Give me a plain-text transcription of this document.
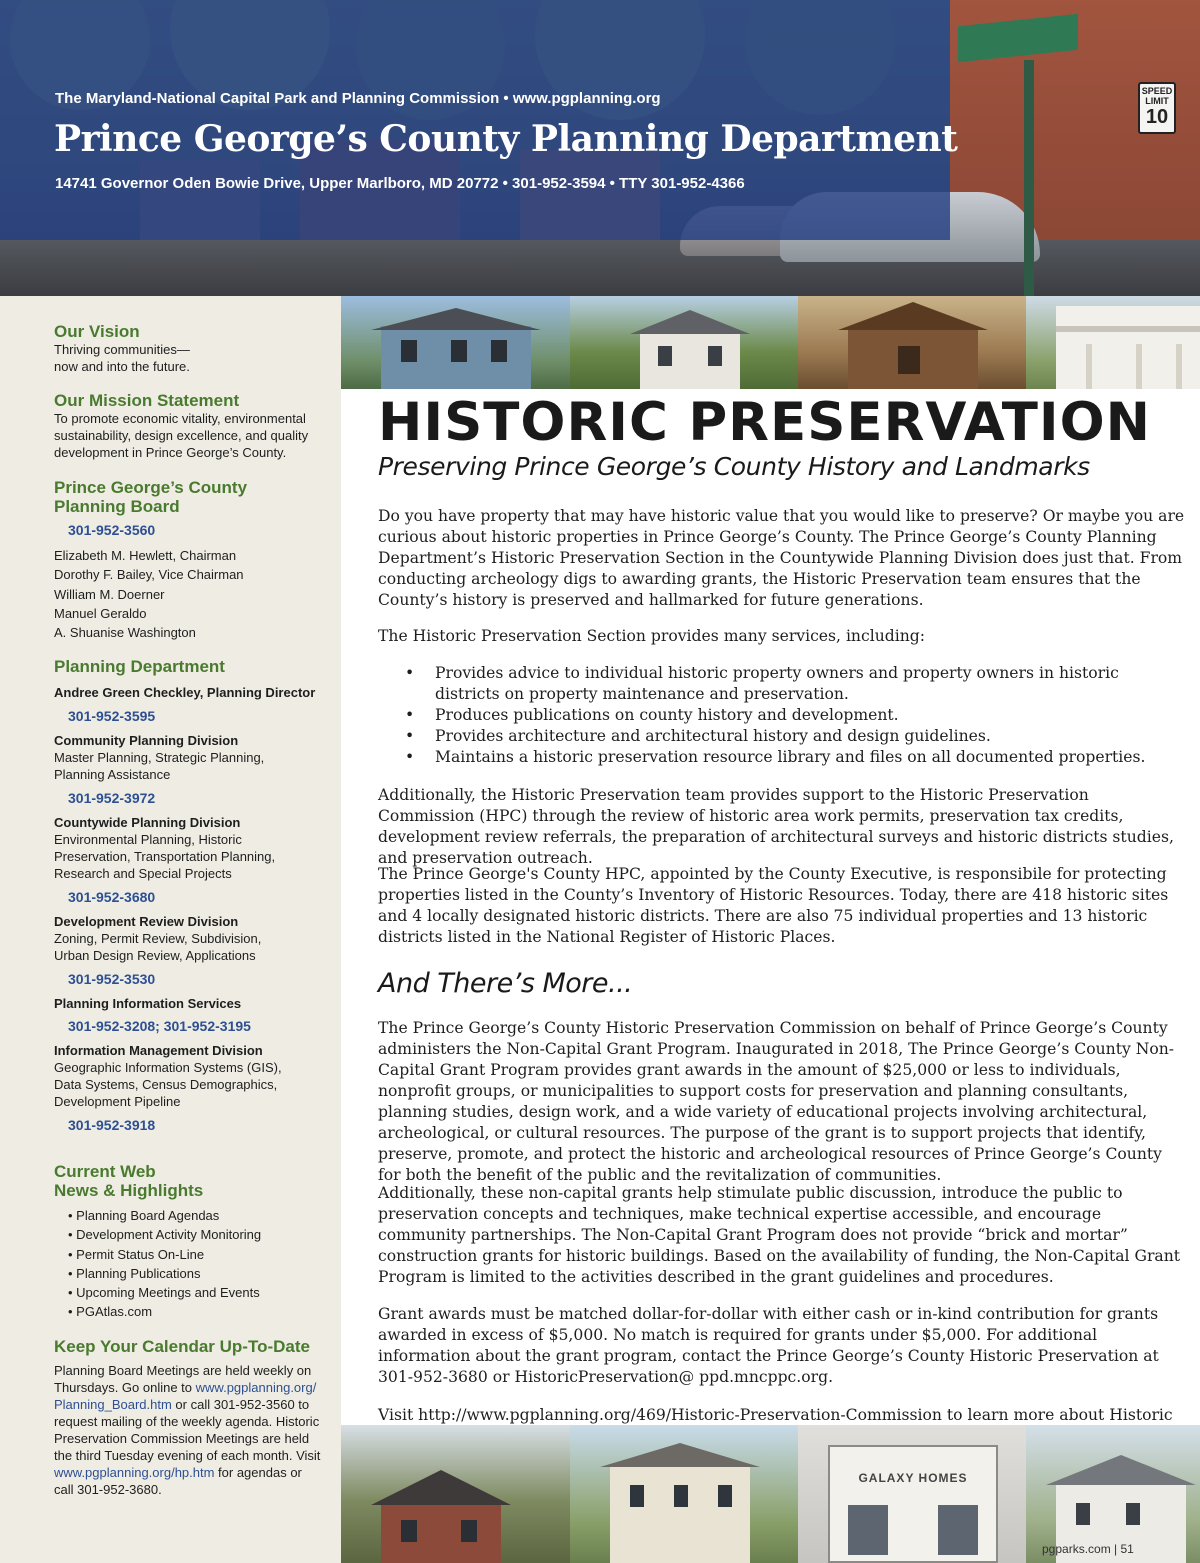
SPEED LIMIT
10
The Maryland-National Capital Park and Planning Commission • www.pgplanning.org
Prince George’s County Planning Department
14741 Governor Oden Bowie Drive, Upper Marlboro, MD 20772 • 301-952-3594 • TTY 301-952-4366
Our Vision
Thriving communities—
now and into the future.
Our Mission Statement
To promote economic vitality, environmental
sustainability, design excellence, and quality
development in Prince George’s County.
Prince George’s County
Planning Board
301-952-3560
Elizabeth M. Hewlett, Chairman
Dorothy F. Bailey, Vice Chairman
William M. Doerner
Manuel Geraldo
A. Shuanise Washington
Planning Department
Andree Green Checkley, Planning Director
301-952-3595
Community Planning Division
Master Planning, Strategic Planning,
Planning Assistance
301-952-3972
Countywide Planning Division
Environmental Planning, Historic
Preservation, Transportation Planning,
Research and Special Projects
301-952-3680
Development Review Division
Zoning, Permit Review, Subdivision,
Urban Design Review, Applications
301-952-3530
Planning Information Services
301-952-3208; 301-952-3195
Information Management Division
Geographic Information Systems (GIS),
Data Systems, Census Demographics,
Development Pipeline
301-952-3918
Current Web
News & Highlights
• Planning Board Agendas
• Development Activity Monitoring
• Permit Status On-Line
• Planning Publications
• Upcoming Meetings and Events
• PGAtlas.com
Keep Your Calendar Up-To-Date
Planning Board Meetings are held weekly on
Thursdays. Go online to www.pgplanning.org/
Planning_Board.htm or call 301-952-3560 to
request mailing of the weekly agenda. Historic
Preservation Commission Meetings are held
the third Tuesday evening of each month. Visit
www.pgplanning.org/hp.htm for agendas or
call 301-952-3680.
HISTORIC PRESERVATION
Preserving Prince George’s County History and Landmarks

Do you have property that may have historic value that you would like to preserve? Or maybe you are curious about historic properties in Prince George’s County. The Prince George’s County Planning Department’s Historic Preservation Section in the Countywide Planning Division does just that. From conducting archeology digs to awarding grants, the Historic Preservation team ensures that the County’s history is preserved and hallmarked for future generations.

The Historic Preservation Section provides many services, including:

• Provides advice to individual historic property owners and property owners in historic districts on property maintenance and preservation.
• Produces publications on county history and development.
• Provides architecture and architectural history and design guidelines.
• Maintains a historic preservation resource library and files on all documented properties.

Additionally, the Historic Preservation team provides support to the Historic Preservation Commission (HPC) through the review of historic area work permits, preservation tax credits, development review referrals, the preparation of architectural surveys and historic districts studies, and preservation outreach.

The Prince George's County HPC, appointed by the County Executive, is responsibile for protecting properties listed in the County’s Inventory of Historic Resources. Today, there are 418 historic sites and 4 locally designated historic districts. There are also 75 individual properties and 13 historic districts listed in the National Register of Historic Places.

And There’s More...

The Prince George’s County Historic Preservation Commission on behalf of Prince George’s County administers the Non-Capital Grant Program. Inaugurated in 2018, The Prince George’s County Non-Capital Grant Program provides grant awards in the amount of $25,000 or less to individuals, nonprofit groups, or municipalities to support costs for preservation and planning consultants, planning studies, design work, and a wide variety of educational projects involving architectural, archeological, or cultural resources. The purpose of the grant is to support projects that identify, preserve, promote, and protect the historic and archeological resources of Prince George’s County for both the benefit of the public and the revitalization of communities.

Additionally, these non-capital grants help stimulate public discussion, introduce the public to preservation concepts and techniques, make technical expertise accessible, and encourage community partnerships. The Non-Capital Grant Program does not provide “brick and mortar” construction grants for historic buildings. Based on the availability of funding, the Non-Capital Grant Program is limited to the activities described in the grant guidelines and procedures.

Grant awards must be matched dollar-for-dollar with either cash or in-kind contribution for grants awarded in excess of $5,000. No match is required for grants under $5,000. For additional information about the grant program, contact the Prince George’s County Historic Preservation at 301-952-3680 or HistoricPreservation@ ppd.mncppc.org.

Visit http://www.pgplanning.org/469/Historic-Preservation-Commission to learn more about Historic

GALAXY HOMES
pgparks.com | 51
